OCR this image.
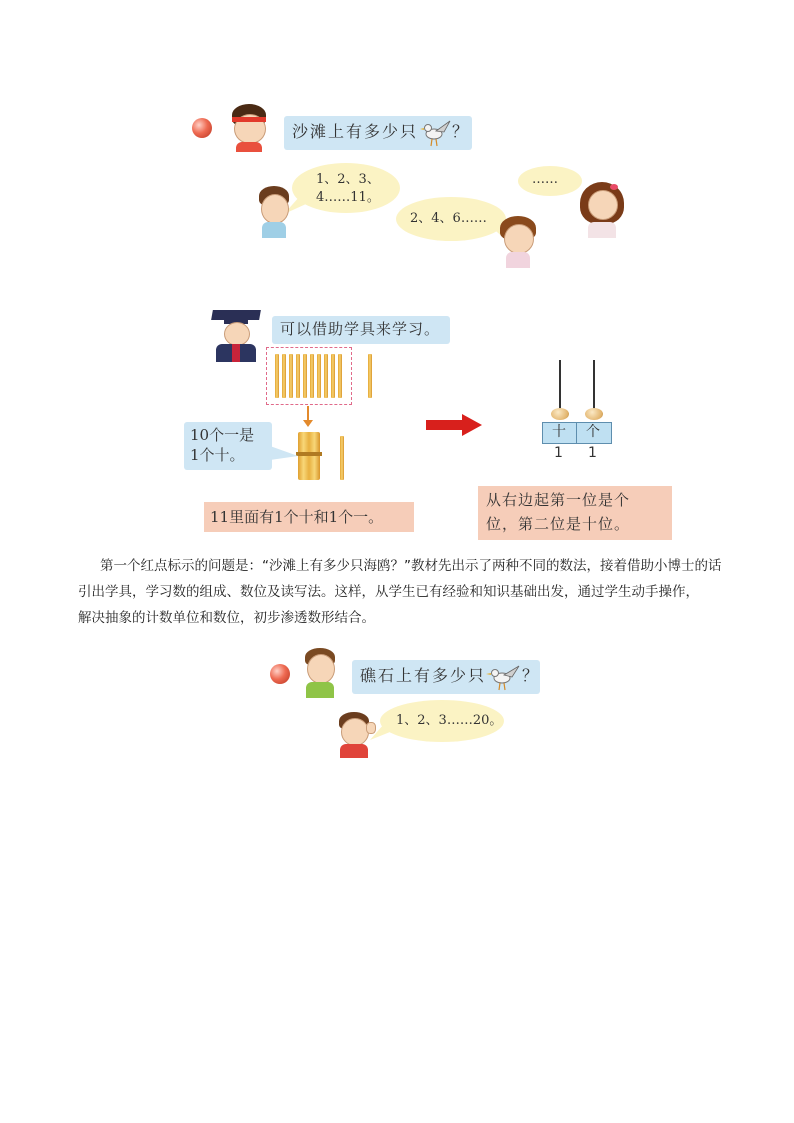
沙滩上有多少只 ？
1、2、3、
4……11。
2、4、6……
……
可以借助学具来学习。
10个一是
1个十。
11里面有1个十和1个一。
十 个
1 1
从右边起第一位是个
位，第二位是十位。
第一个红点标示的问题是：“沙滩上有多少只海鸥？”教材先出示了两种不同的数法，接着借助小博士的话
引出学具，学习数的组成、数位及读写法。这样，从学生已有经验和知识基础出发，通过学生动手操作，
解决抽象的计数单位和数位，初步渗透数形结合。
礁石上有多少只 ？
1、2、3……20。
